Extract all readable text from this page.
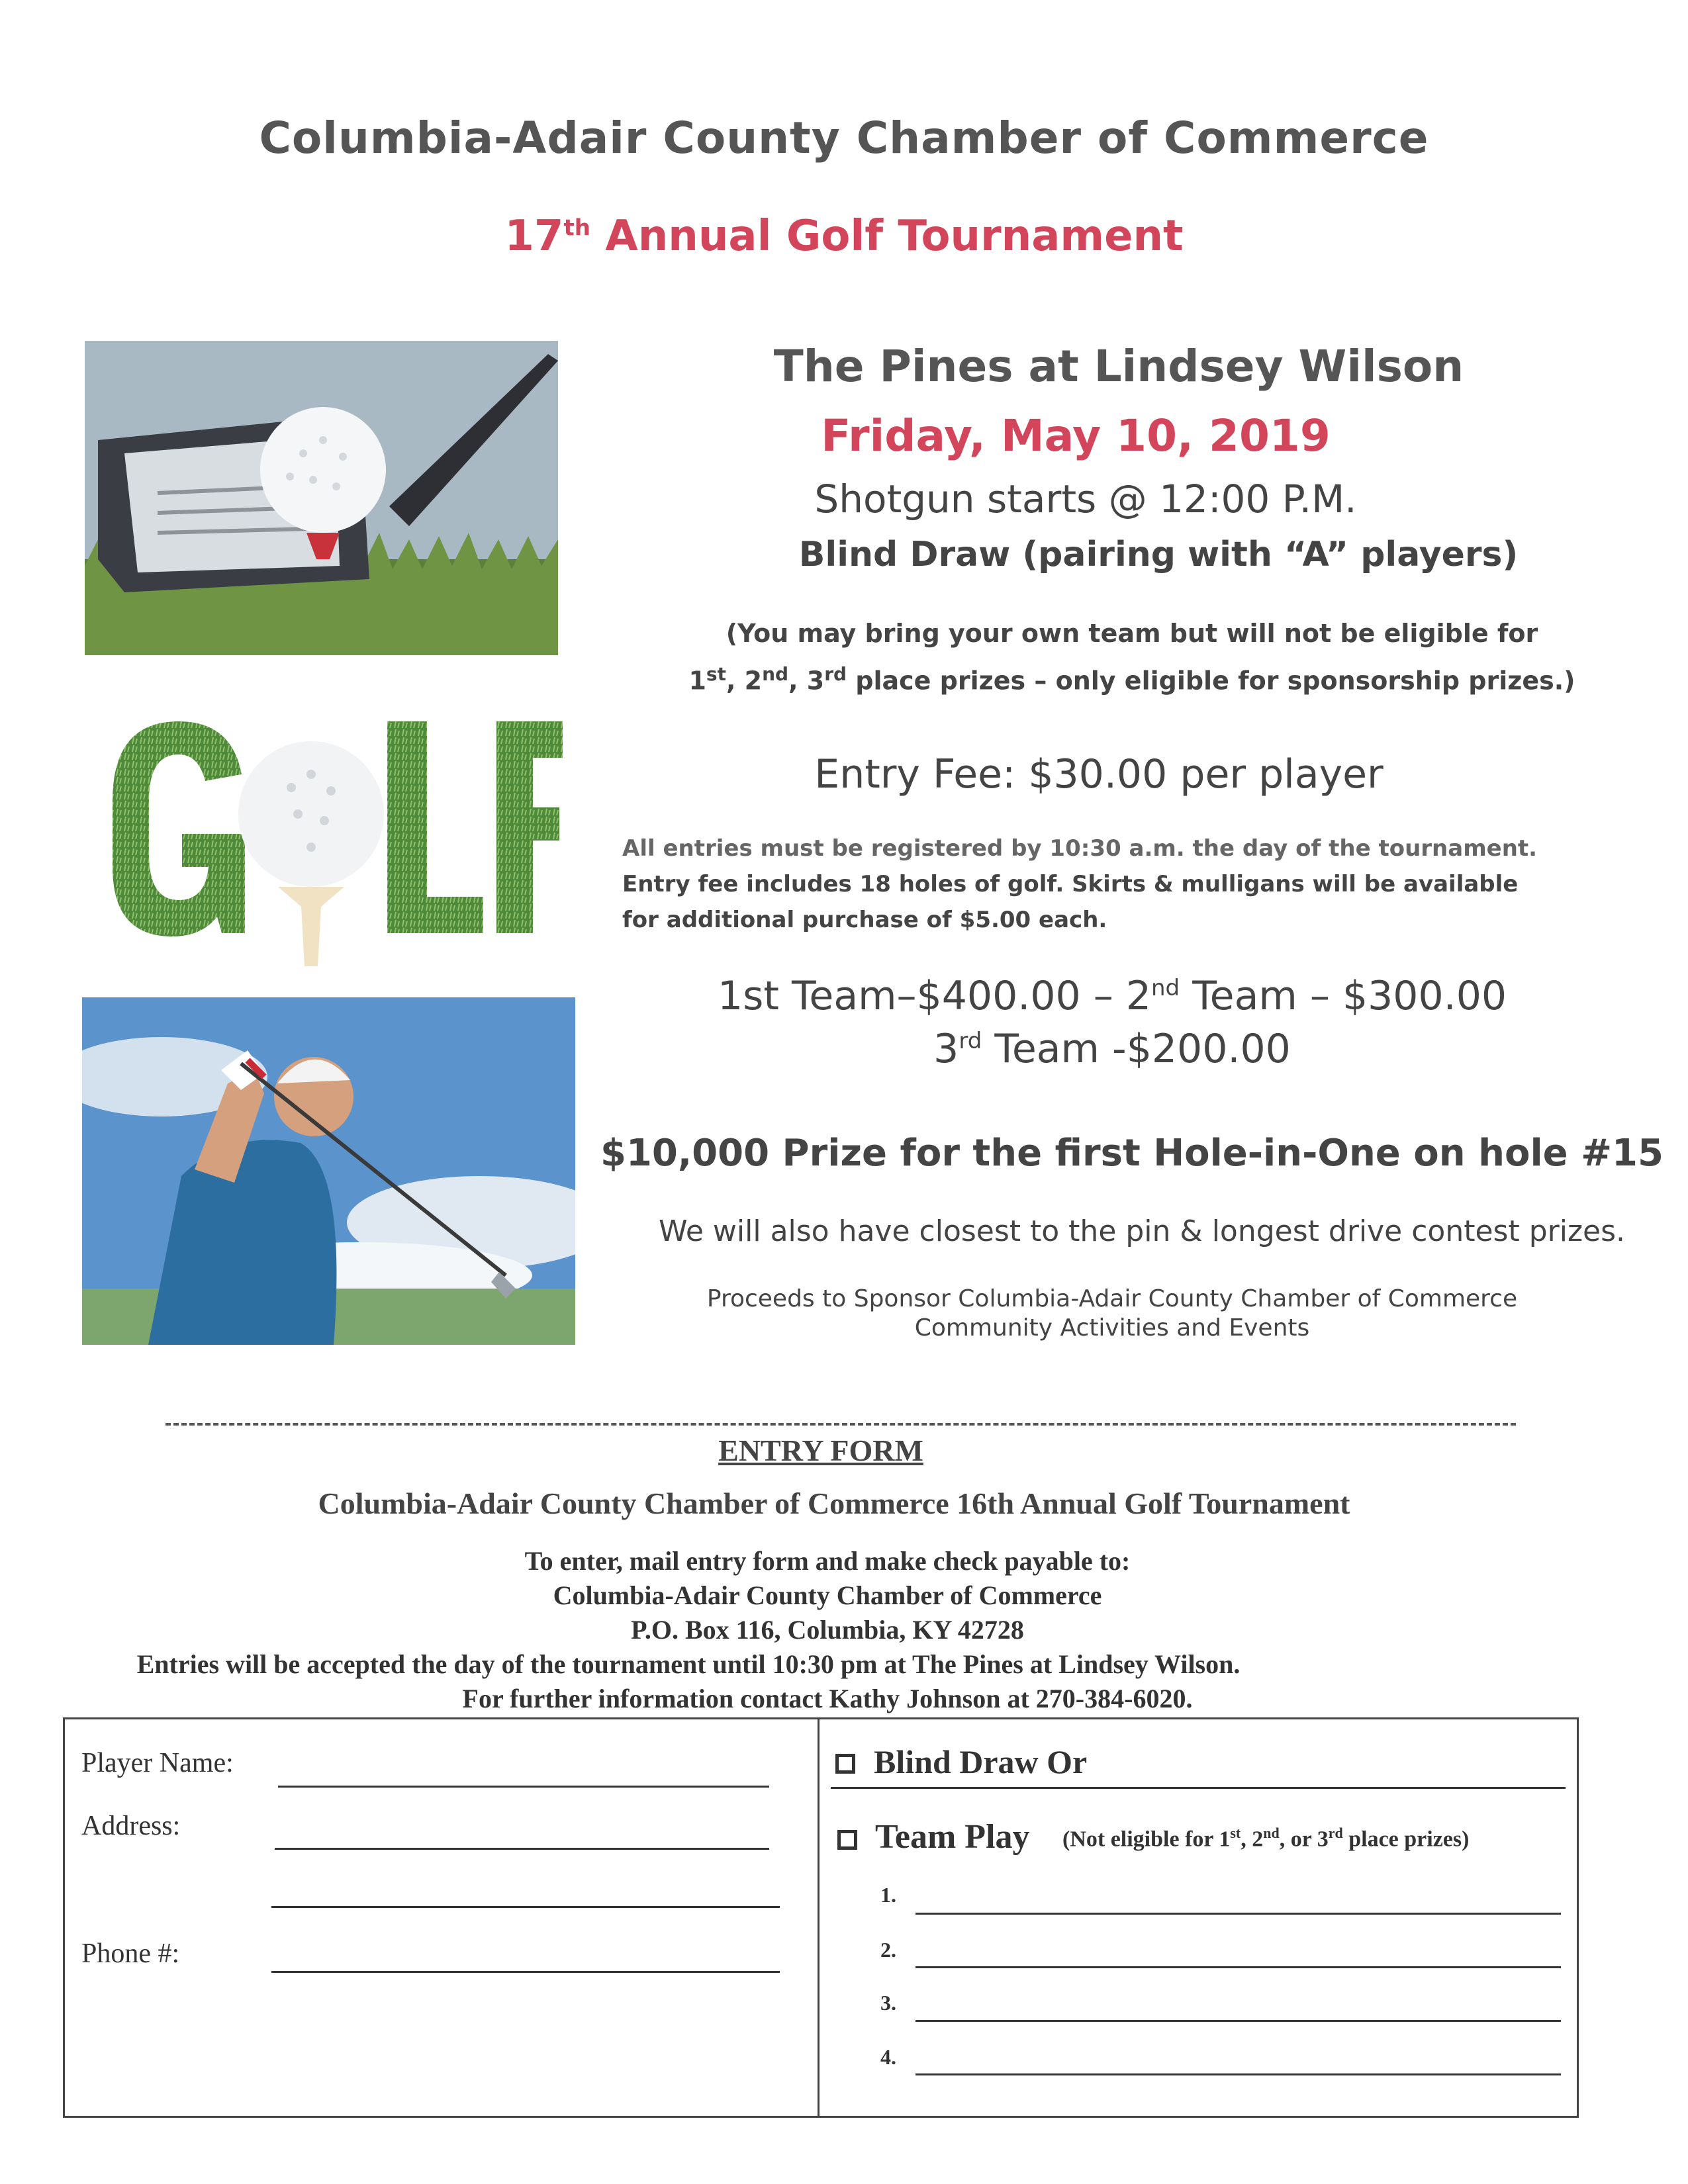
Columbia-Adair County Chamber of Commerce
17th Annual Golf Tournament
The Pines at Lindsey Wilson
Friday, May 10, 2019
Shotgun starts @ 12:00 P.M.
Blind Draw (pairing with “A” players)
(You may bring your own team but will not be eligible for
1st, 2nd, 3rd place prizes – only eligible for sponsorship prizes.)
Entry Fee: $30.00 per player
All entries must be registered by 10:30 a.m. the day of the tournament.
Entry fee includes 18 holes of golf. Skirts & mulligans will be available
for additional purchase of $5.00 each.
1st Team–$400.00 – 2nd Team – $300.00
3rd Team -$200.00
$10,000 Prize for the first Hole-in-One on hole #15
We will also have closest to the pin & longest drive contest prizes.
Proceeds to Sponsor Columbia-Adair County Chamber of Commerce
Community Activities and Events
ENTRY FORM
Columbia-Adair County Chamber of Commerce 16th Annual Golf Tournament
To enter, mail entry form and make check payable to:
Columbia-Adair County Chamber of Commerce
P.O. Box 116, Columbia, KY 42728
Entries will be accepted the day of the tournament until 10:30 pm at The Pines at Lindsey Wilson.
For further information contact Kathy Johnson at 270-384-6020.
Player Name:
Address:
Phone #:
Blind Draw Or
Team Play (Not eligible for 1st, 2nd, or 3rd place prizes)
1.
2.
3.
4.
